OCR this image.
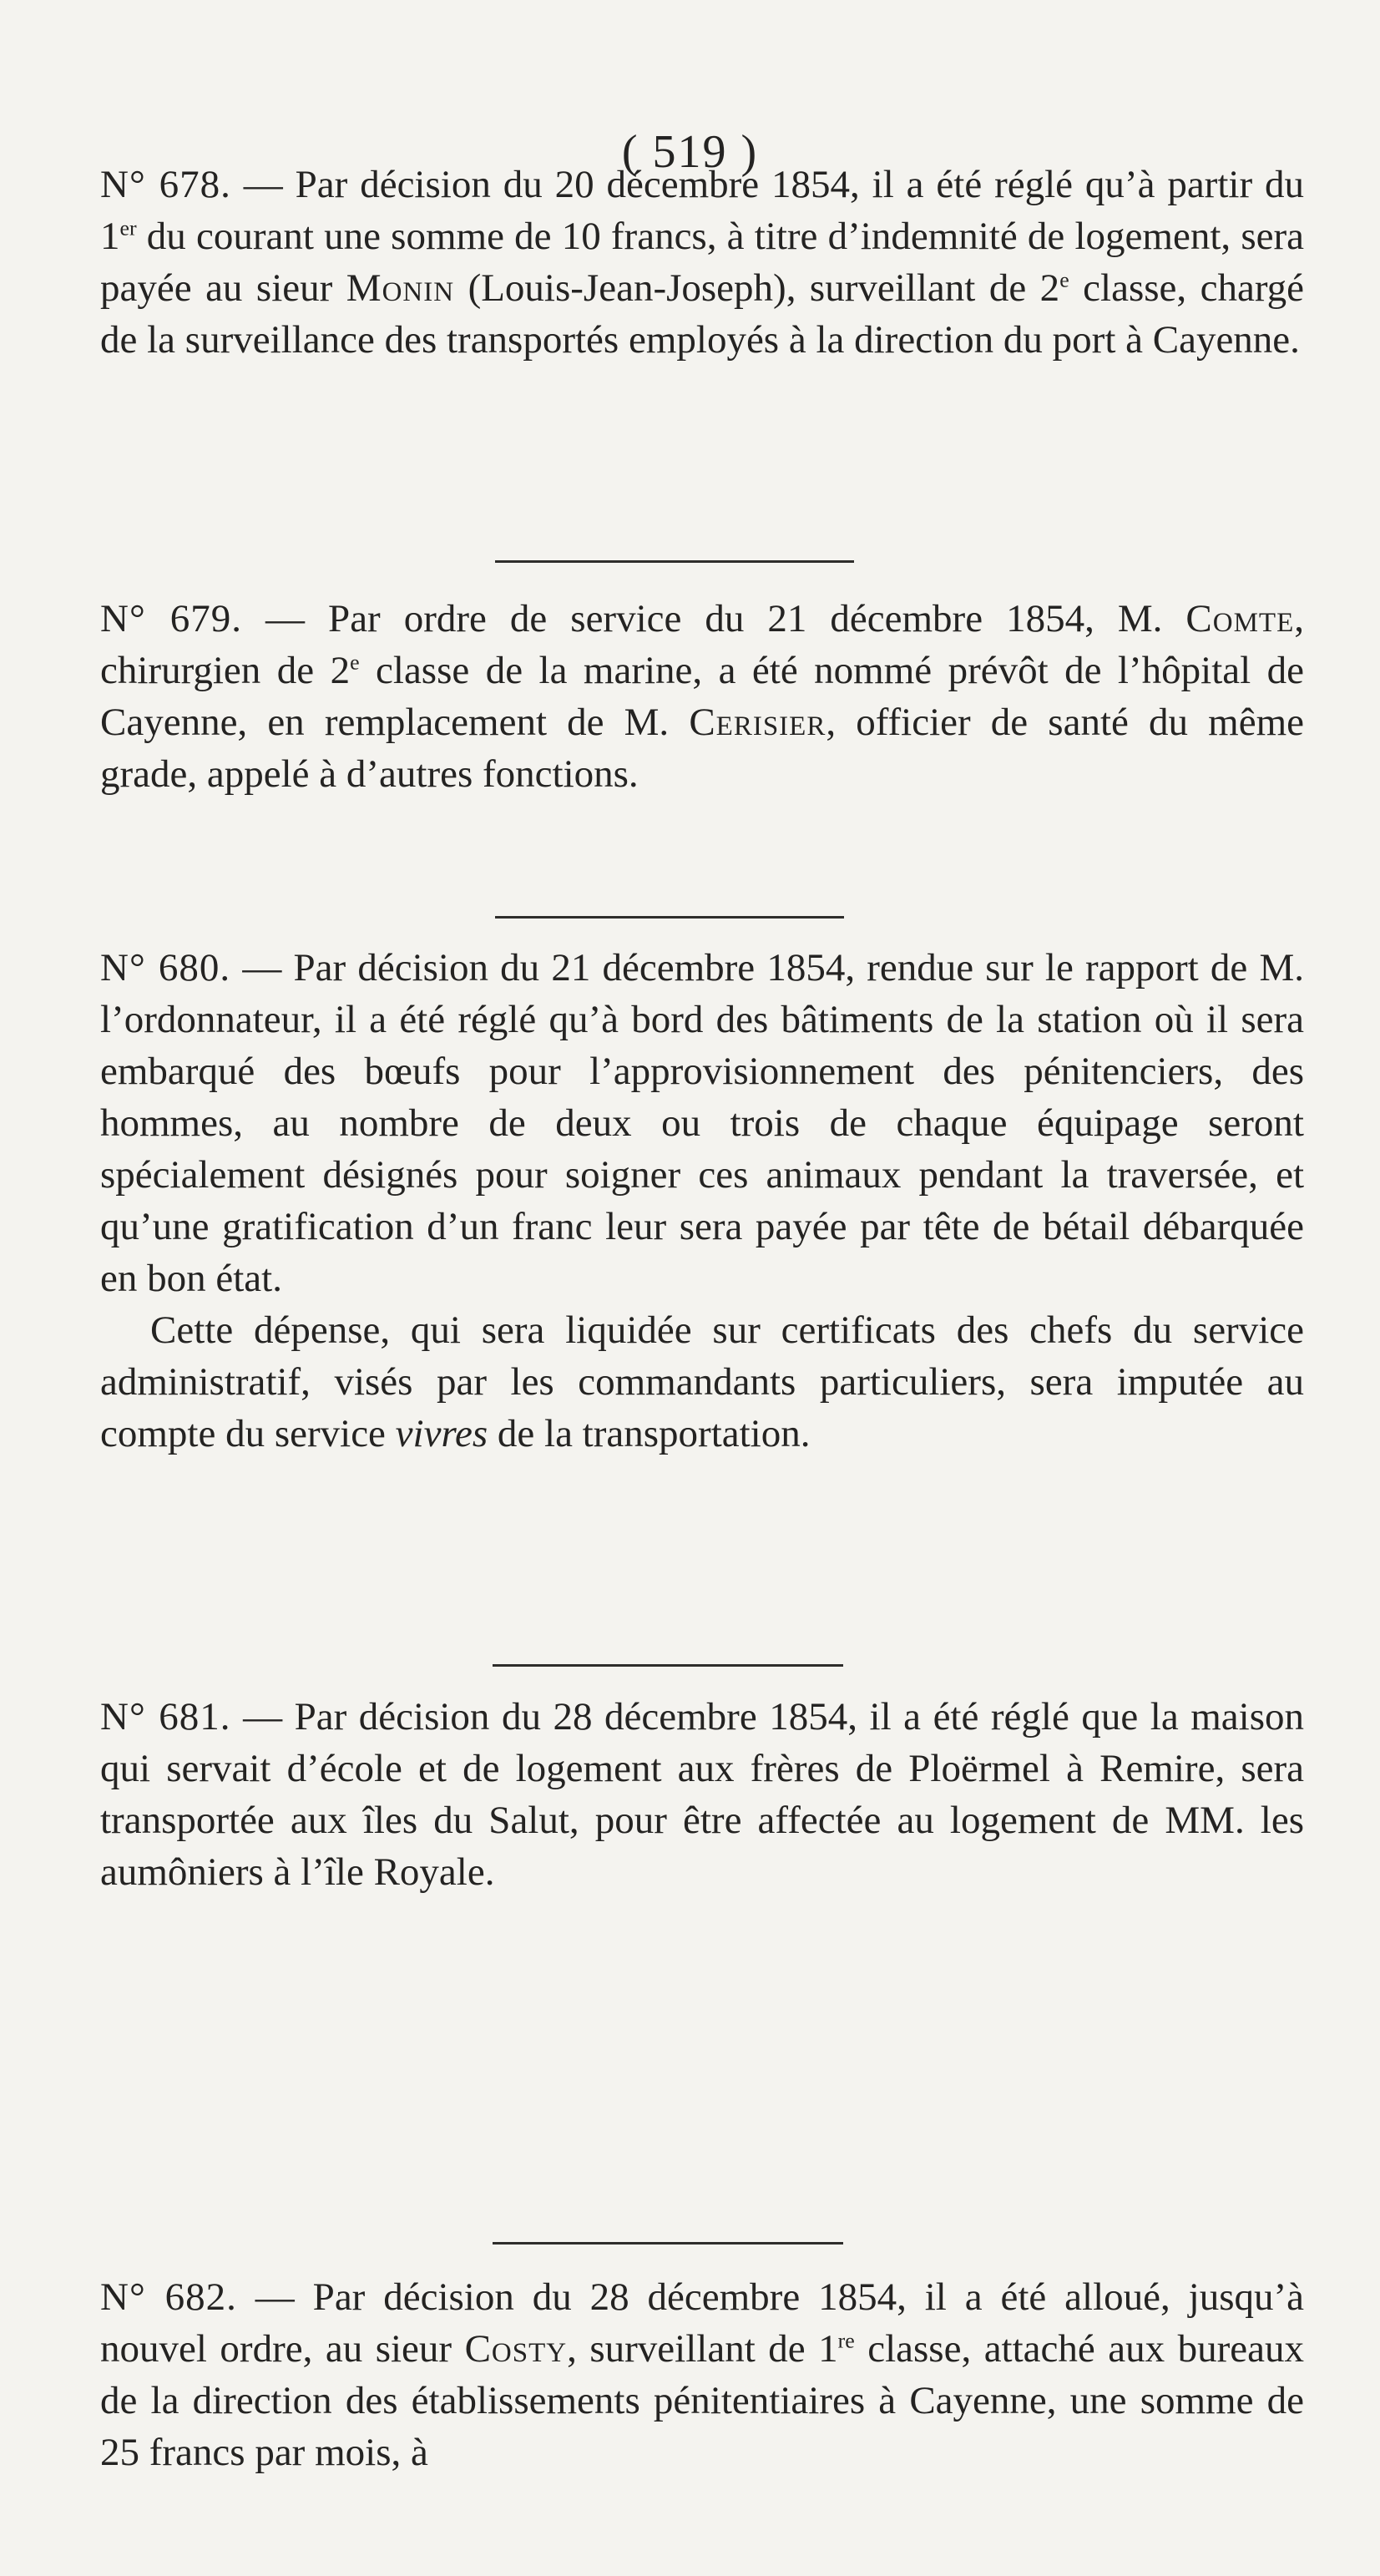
( 519 )

N° 678. — Par décision du 20 décembre 1854, il a été réglé qu’à partir du 1er du courant une somme de 10 francs, à titre d’indemnité de logement, sera payée au sieur Monin (Louis-Jean-Joseph), surveillant de 2e classe, chargé de la surveillance des transportés employés à la direction du port à Cayenne.

N° 679. — Par ordre de service du 21 décembre 1854, M. Comte, chirurgien de 2e classe de la marine, a été nommé prévôt de l’hôpital de Cayenne, en remplacement de M. Cerisier, officier de santé du même grade, appelé à d’autres fonctions.

N° 680. — Par décision du 21 décembre 1854, rendue sur le rapport de M. l’ordonnateur, il a été réglé qu’à bord des bâtiments de la station où il sera embarqué des bœufs pour l’approvisionnement des pénitenciers, des hommes, au nombre de deux ou trois de chaque équipage seront spécialement désignés pour soigner ces animaux pendant la traversée, et qu’une gratification d’un franc leur sera payée par tête de bétail débarquée en bon état.

Cette dépense, qui sera liquidée sur certificats des chefs du service administratif, visés par les commandants particuliers, sera imputée au compte du service vivres de la transportation.

N° 681. — Par décision du 28 décembre 1854, il a été réglé que la maison qui servait d’école et de logement aux frères de Ploërmel à Remire, sera transportée aux îles du Salut, pour être affectée au logement de MM. les aumôniers à l’île Royale.

N° 682. — Par décision du 28 décembre 1854, il a été alloué, jusqu’à nouvel ordre, au sieur Costy, surveillant de 1re classe, attaché aux bureaux de la direction des établissements pénitentiaires à Cayenne, une somme de 25 francs par mois, à
